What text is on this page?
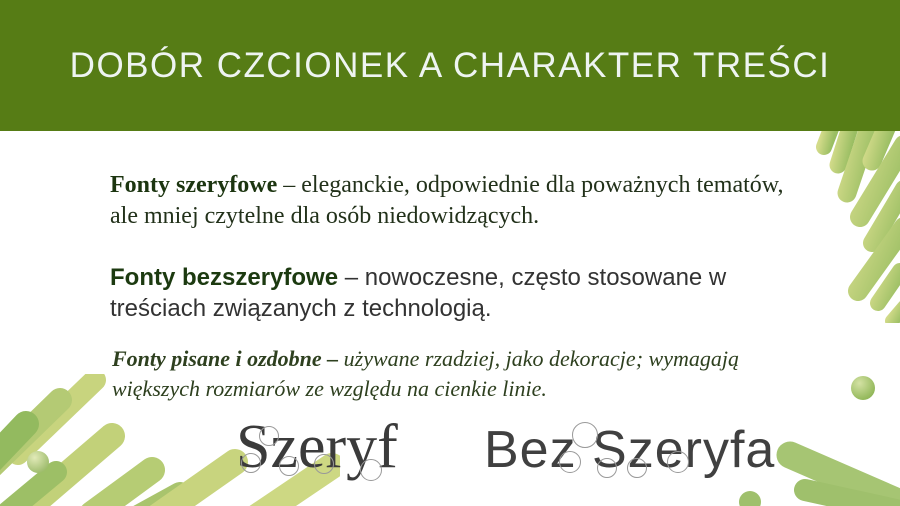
DOBÓR CZCIONEK A CHARAKTER TREŚCI

Fonty szeryfowe – eleganckie, odpowiednie dla poważnych tematów, ale mniej czytelne dla osób niedowidzących.

Fonty bezszeryfowe – nowoczesne, często stosowane w treściach związanych z technologią.

Fonty pisane i ozdobne – używane rzadziej, jako dekoracje; wymagają większych rozmiarów ze względu na cienkie linie.

Szeryf Bez Szeryfa
